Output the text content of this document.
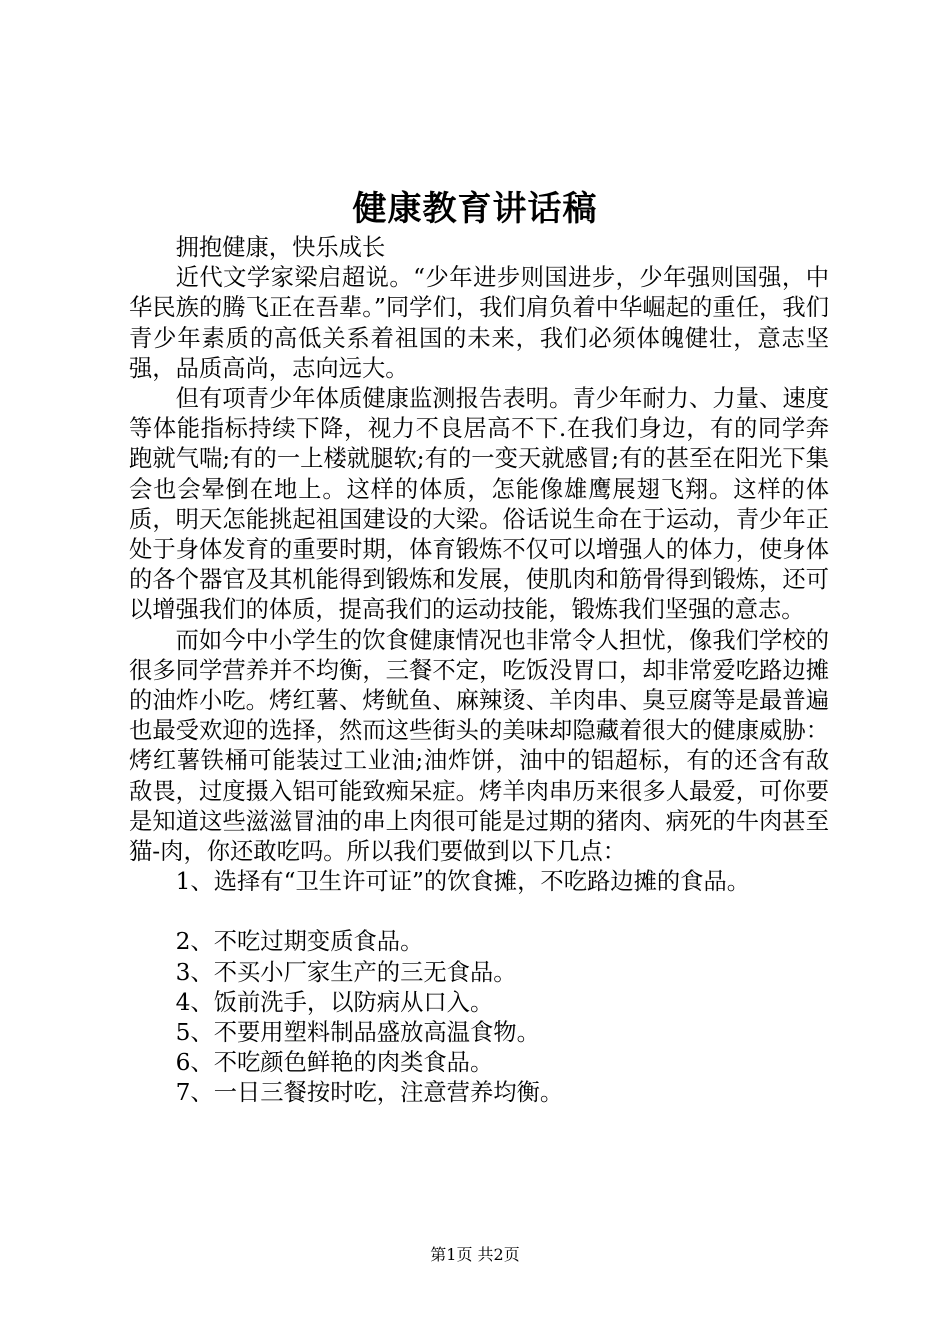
健康教育讲话稿

拥抱健康，快乐成长

近代文学家梁启超说。“少年进步则国进步，少年强则国强，中华民族的腾飞正在吾辈。”同学们，我们肩负着中华崛起的重任，我们青少年素质的高低关系着祖国的未来，我们必须体魄健壮，意志坚强，品质高尚，志向远大。

但有项青少年体质健康监测报告表明。青少年耐力、力量、速度等体能指标持续下降，视力不良居高不下.在我们身边，有的同学奔跑就气喘;有的一上楼就腿软;有的一变天就感冒;有的甚至在阳光下集会也会晕倒在地上。这样的体质，怎能像雄鹰展翅飞翔。这样的体质，明天怎能挑起祖国建设的大梁。俗话说生命在于运动，青少年正处于身体发育的重要时期，体育锻炼不仅可以增强人的体力，使身体的各个器官及其机能得到锻炼和发展，使肌肉和筋骨得到锻炼，还可以增强我们的体质，提高我们的运动技能，锻炼我们坚强的意志。

而如今中小学生的饮食健康情况也非常令人担忧，像我们学校的很多同学营养并不均衡，三餐不定，吃饭没胃口，却非常爱吃路边摊的油炸小吃。烤红薯、烤鱿鱼、麻辣烫、羊肉串、臭豆腐等是最普遍也最受欢迎的选择，然而这些街头的美味却隐藏着很大的健康威胁：烤红薯铁桶可能装过工业油;油炸饼，油中的铝超标，有的还含有敌敌畏，过度摄入铝可能致痴呆症。烤羊肉串历来很多人最爱，可你要是知道这些滋滋冒油的串上肉很可能是过期的猪肉、病死的牛肉甚至猫-肉，你还敢吃吗。所以我们要做到以下几点：

1、选择有“卫生许可证”的饮食摊，不吃路边摊的食品。

2、不吃过期变质食品。

3、不买小厂家生产的三无食品。

4、饭前洗手，以防病从口入。

5、不要用塑料制品盛放高温食物。

6、不吃颜色鲜艳的肉类食品。

7、一日三餐按时吃，注意营养均衡。

第1页 共2页
